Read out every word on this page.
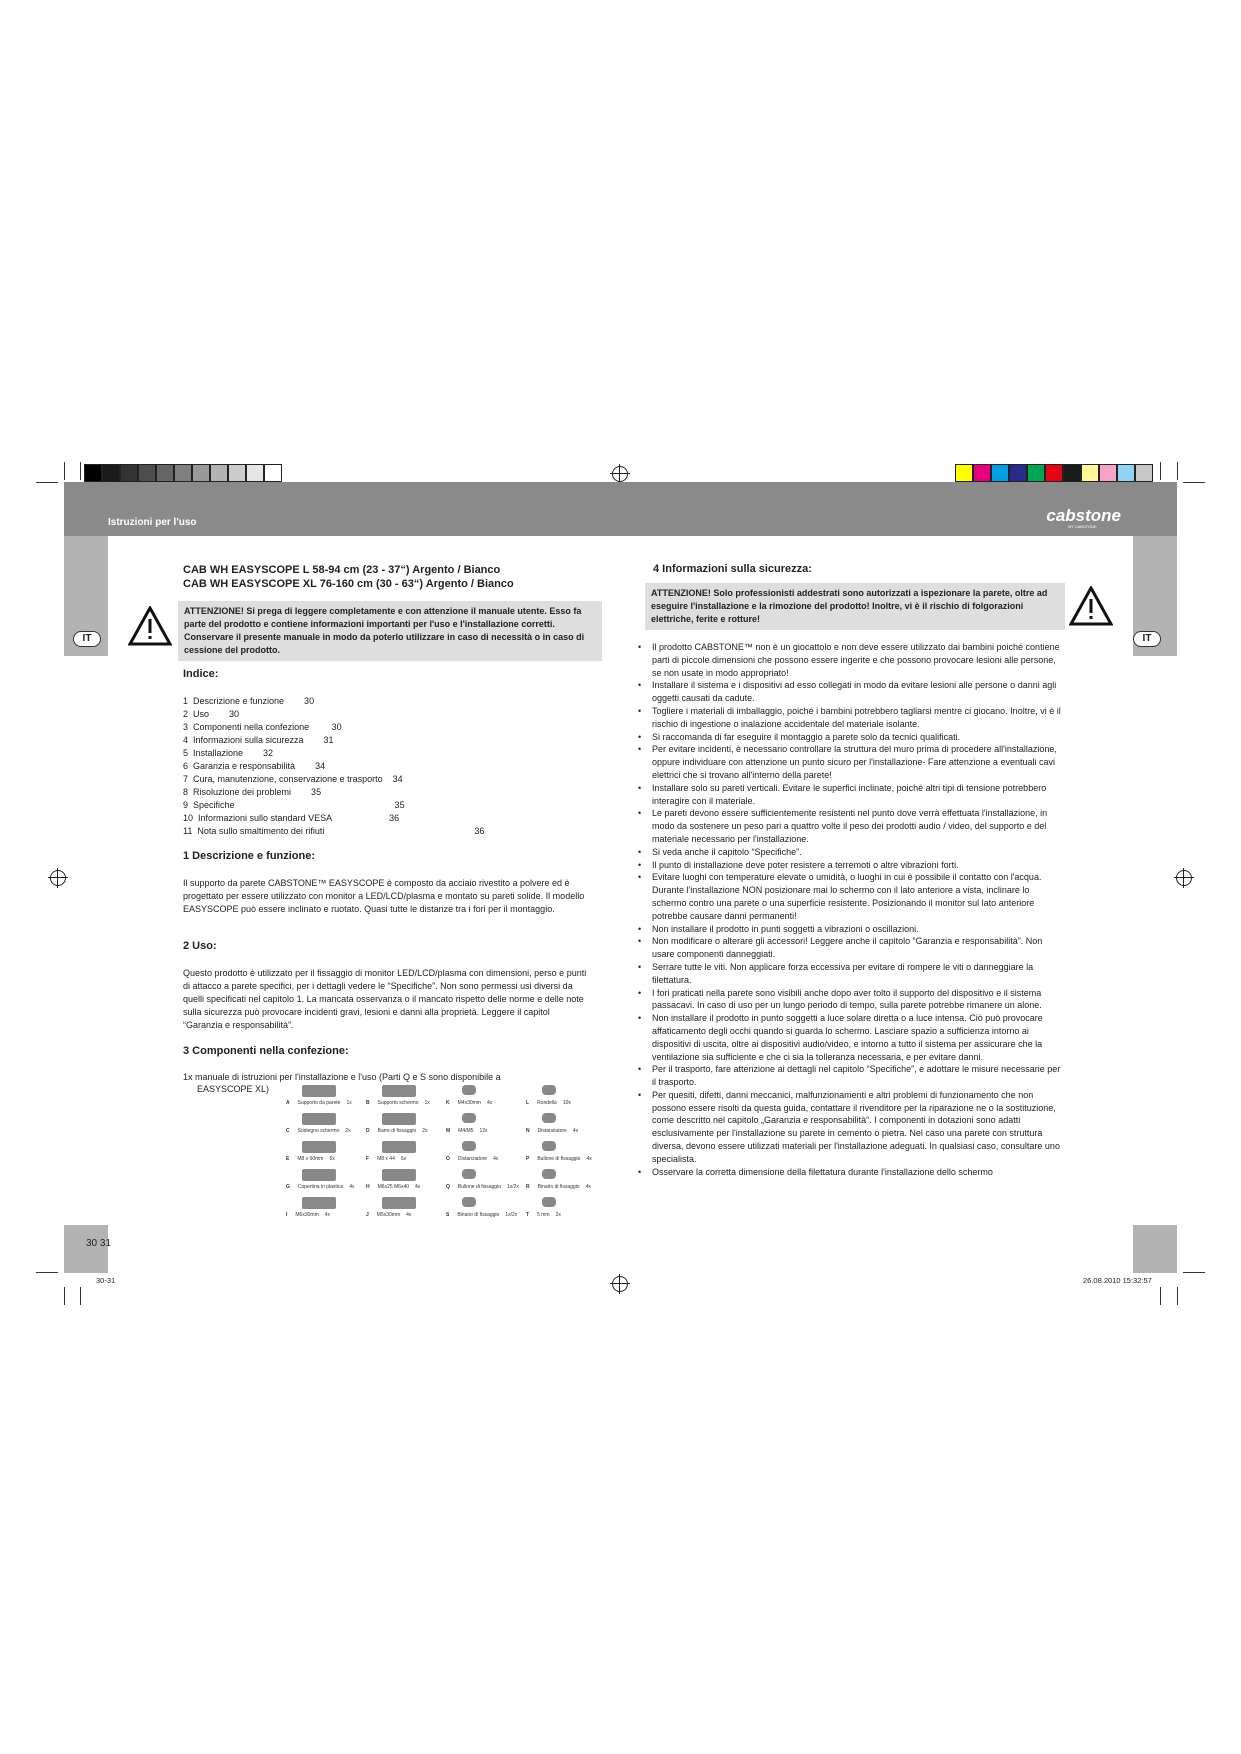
Istruzioni per l'uso	cabstone
BY CABSTONE
IT	IT
30 31
CAB WH EASYSCOPE L 58-94 cm (23 - 37“) Argento / Bianco
CAB WH EASYSCOPE XL 76-160 cm (30 - 63“) Argento / Bianco
ATTENZIONE! Si prega di leggere completamente e con attenzione il manuale utente. Esso fa parte del prodotto e contiene informazioni importanti per l'uso e l'installazione corretti. Conservare il presente manuale in modo da poterlo utilizzare in caso di necessità o in caso di cessione del prodotto.
Indice:
1  Descrizione e funzione        30
2  Uso        30
3  Componenti nella confezione         30
4  Informazioni sulla sicurezza        31
5  Installazione        32
6  Garanzia e responsabilità        34
7  Cura, manutenzione, conservazione e trasporto    34
8  Risoluzione dei problemi        35
9  Specifiche                                                                35
10  Informazioni sullo standard VESA                       36
11  Nota sullo smaltimento dei rifiuti                                                            36
1 Descrizione e funzione:
Il supporto da parete CABSTONE™ EASYSCOPE è composto da acciaio rivestito a polvere ed è progettato per essere utilizzato con monitor a LED/LCD/plasma e montato su pareti solide. Il modello EASYSCOPE può essere inclinato e ruotato. Quasi tutte le distanze tra i fori per il montaggio.
2 Uso:
Questo prodotto è utilizzato per il fissaggio di monitor LED/LCD/plasma con dimensioni, perso e punti di attacco a parete specifici, per i dettagli vedere le “Specifiche”. Non sono permessi usi diversi da quelli specificati nel capitolo 1. La mancata osservanza o il mancato rispetto delle norme e delle note sulla sicurezza può provocare incidenti gravi, lesioni e danni alla proprietà. Leggere il capitol “Garanzia e responsabilità”.
3 Componenti nella confezione:
1x manuale di istruzioni per l'installazione e l'uso (Parti Q e S sono disponibile a
EASYSCOPE XL)
A Supporto da parete 1x	B Supporto schermo 1x	K M4x30mm 4x	L Rondella 10x
C Sostegno schermo 2x	D Barre di fissaggio 2x	M M4/M5 12x	N Distanziatore 4x
E M8 x 60mm 6x	F M8 x 44 6x	O Distanziatore 4x	P Bullone di fissaggio 4x
G Copertina in plastica 4x H M6x25 M6x40 4x	Q Bullone di fissaggio 1x/2x R Binario di fissaggio 4x
I M6x30mm 4x	J M5x30mm 4x	S Binario di fissaggio 1x/2x T 5 mm 2x
4 Informazioni sulla sicurezza:
ATTENZIONE! Solo professionisti addestrati sono autorizzati a ispezionare la parete, oltre ad eseguire l'installazione e la rimozione del prodotto! Inoltre, vi è il rischio di folgorazioni elettriche, ferite e rotture!
• Il prodotto CABSTONE™ non è un giocattolo e non deve essere utilizzato dai bambini poiché contiene parti di piccole dimensioni che possono essere ingerite e che possono provocare lesioni alle persone, se non usate in modo appropriato!
• Installare il sistema e i dispositivi ad esso collegati in modo da evitare lesioni alle persone o danni agli oggetti causati da cadute.
• Togliere i materiali di imballaggio, poiché i bambini potrebbero tagliarsi mentre ci giocano. Inoltre, vi è il rischio di ingestione o inalazione accidentale del materiale isolante.
• Si raccomanda di far eseguire il montaggio a parete solo da tecnici qualificati.
• Per evitare incidenti, è necessario controllare la struttura del muro prima di procedere all'installazione, oppure individuare con attenzione un punto sicuro per l'installazione- Fare attenzione a eventuali cavi elettrici che si trovano all'interno della parete!
• Installare solo su pareti verticali. Evitare le superfici inclinate, poiché altri tipi di tensione potrebbero interagire con il materiale.
• Le pareti devono essere sufficientemente resistenti nel punto dove verrà effettuata l'installazione, in modo da sostenere un peso pari a quattro volte il peso dei prodotti audio / video, del supporto e del materiale necessario per l'installazione.
• Si veda anche il capitolo “Specifiche”.
• Il punto di installazione deve poter resistere a terremoti o altre vibrazioni forti.
• Evitare luoghi con temperature elevate o umidità, o luoghi in cui è possibile il contatto con l'acqua. Durante l'installazione NON posizionare mai lo schermo con il lato anteriore a vista, inclinare lo schermo contro una parete o una superficie resistente. Posizionando il monitor sul lato anteriore potrebbe causare danni permanenti!
• Non installare il prodotto in punti soggetti a vibrazioni o oscillazioni.
• Non modificare o alterare gli accessori! Leggere anche il capitolo “Garanzia e responsabilità”. Non usare componenti danneggiati.
• Serrare tutte le viti. Non applicare forza eccessiva per evitare di rompere le viti o danneggiare la filettatura.
• I fori praticati nella parete sono visibili anche dopo aver tolto il supporto del dispositivo e il sistema passacavi. In caso di uso per un lungo periodo di tempo, sulla parete potrebbe rimanere un alone.
• Non installare il prodotto in punto soggetti a luce solare diretta o a luce intensa. Ciò può provocare affaticamento degli occhi quando si guarda lo schermo. Lasciare spazio a sufficienza intorno ai dispositivi di uscita, oltre ai dispositivi audio/video, e intorno a tutto il sistema per assicurare che la ventilazione sia sufficiente e che ci sia la tolleranza necessaria, e per evitare danni.
• Per il trasporto, fare attenzione ai dettagli nel capitolo “Specifiche”, e adottare le misure necessarie per il trasporto.
• Per quesiti, difetti, danni meccanici, malfunzionamenti e altri problemi di funzionamento che non possono essere risolti da questa guida, contattare il rivenditore per la riparazione ne o la sostituzione, come descritto nel capitolo „Garanzia e responsabilità“. I componenti in dotazioni sono adatti esclusivamente per l'installazione su parete in cemento o pietra. Nel caso una parete con struttura diversa, devono essere utilizzati materiali per l'installazione adeguati. In qualsiasi caso, consultare uno specialista.
• Osservare la corretta dimensione della filettatura durante l'installazione dello schermo
30-31	26.08.2010 15:32:57
